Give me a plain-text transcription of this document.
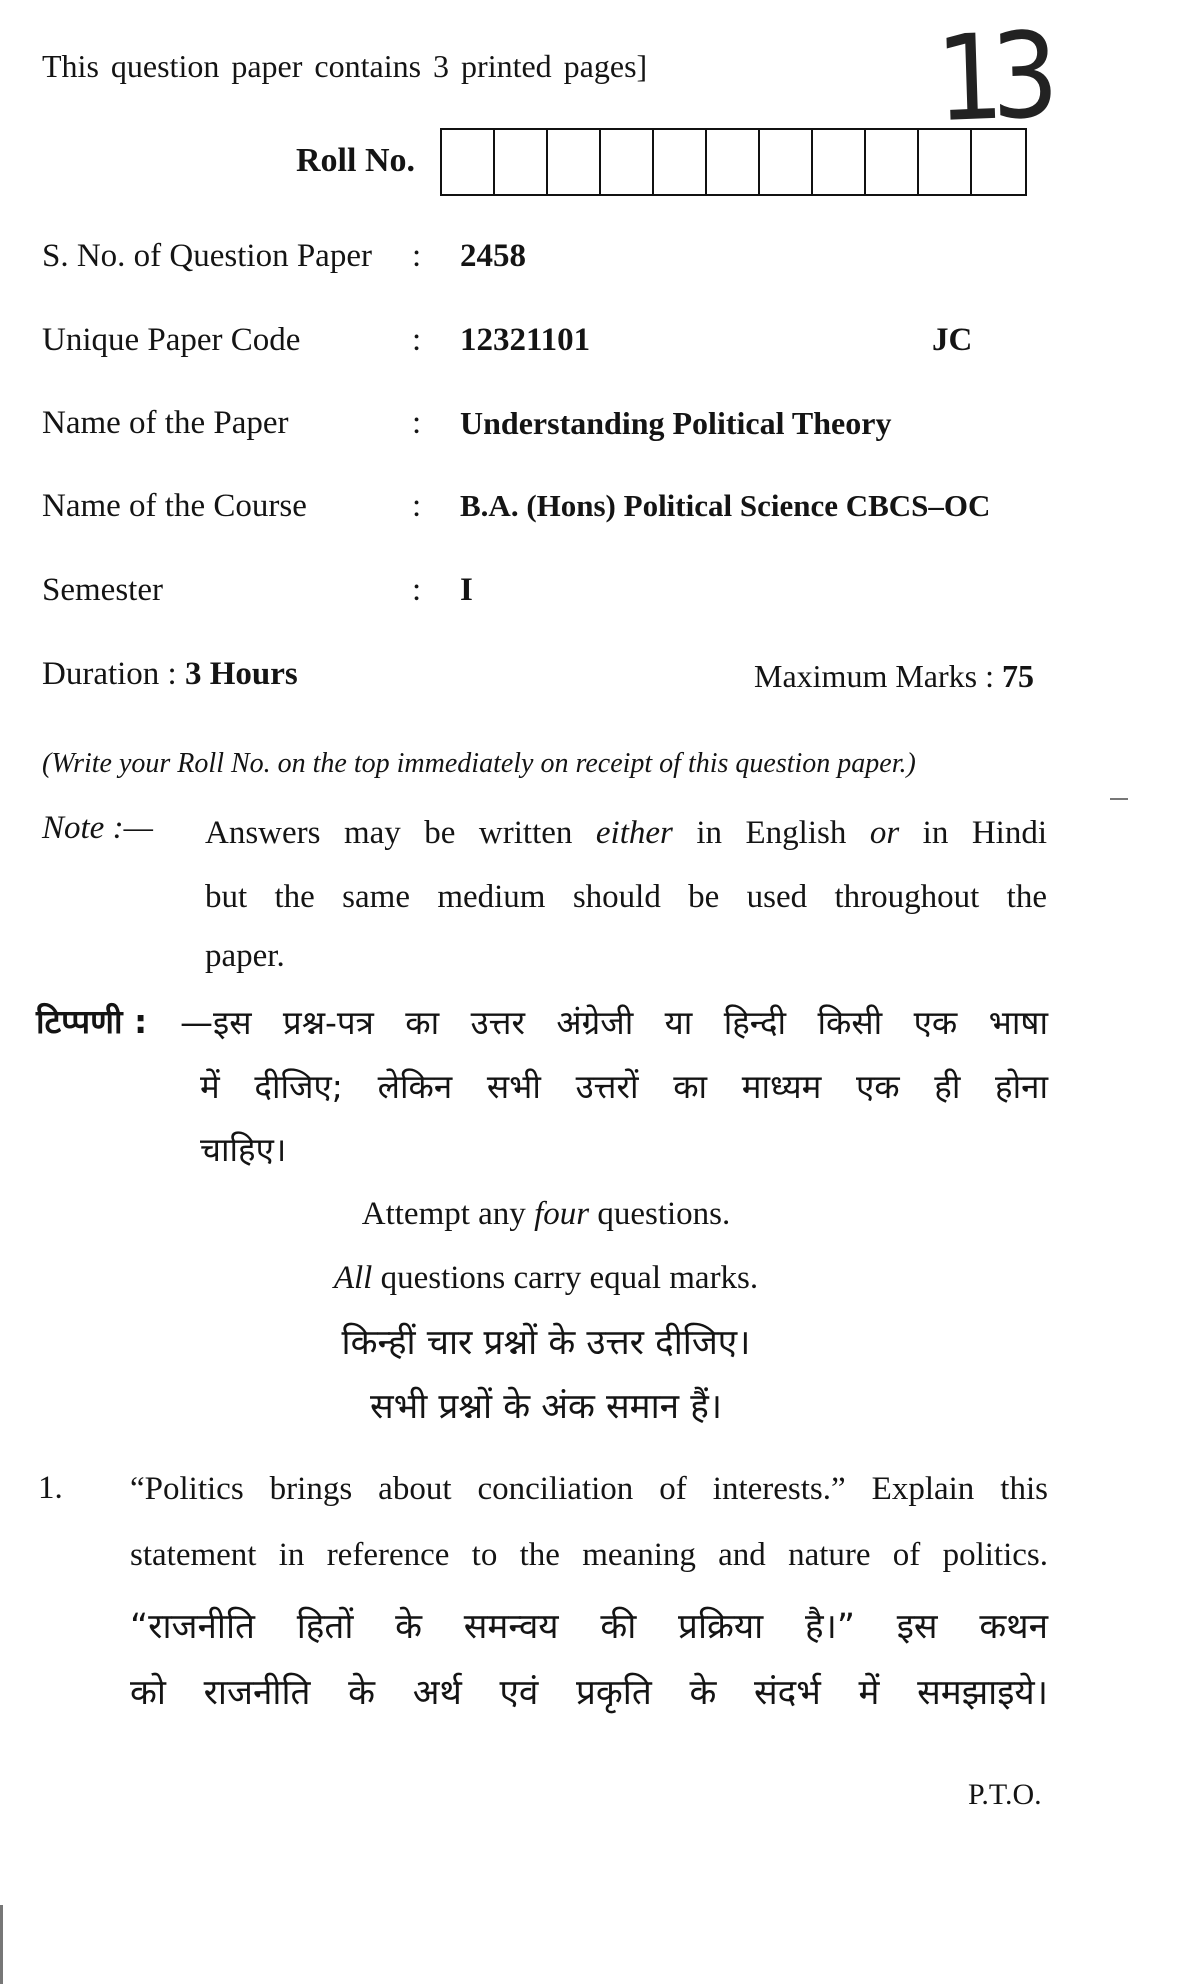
This question paper contains 3 printed pages] 13
Roll No.
S. No. of Question Paper : 2458
Unique Paper Code	: 12321101	JC
Name of the Paper	: Understanding Political Theory
Name of the Course	: B.A. (Hons) Political Science CBCS–OC
Semester	: I
Duration : 3 Hours	Maximum Marks : 75
(Write your Roll No. on the top immediately on receipt of this question paper.)
Note :— Answers may be written either in English or in Hindi
but the same medium should be used throughout the
paper.
टिप्पणी : —इस प्रश्न-पत्र का उत्तर अंग्रेजी या हिन्दी किसी एक भाषा
में दीजिए; लेकिन सभी उत्तरों का माध्यम एक ही होना
चाहिए।
Attempt any four questions.
All questions carry equal marks.
किन्हीं चार प्रश्नों के उत्तर दीजिए।
सभी प्रश्नों के अंक समान हैं।
1. “Politics brings about conciliation of interests.” Explain this
statement in reference to the meaning and nature of politics.
“राजनीति हितों के समन्वय की प्रक्रिया है।” इस कथन
को राजनीति के अर्थ एवं प्रकृति के संदर्भ में समझाइये।
P.T.O.
